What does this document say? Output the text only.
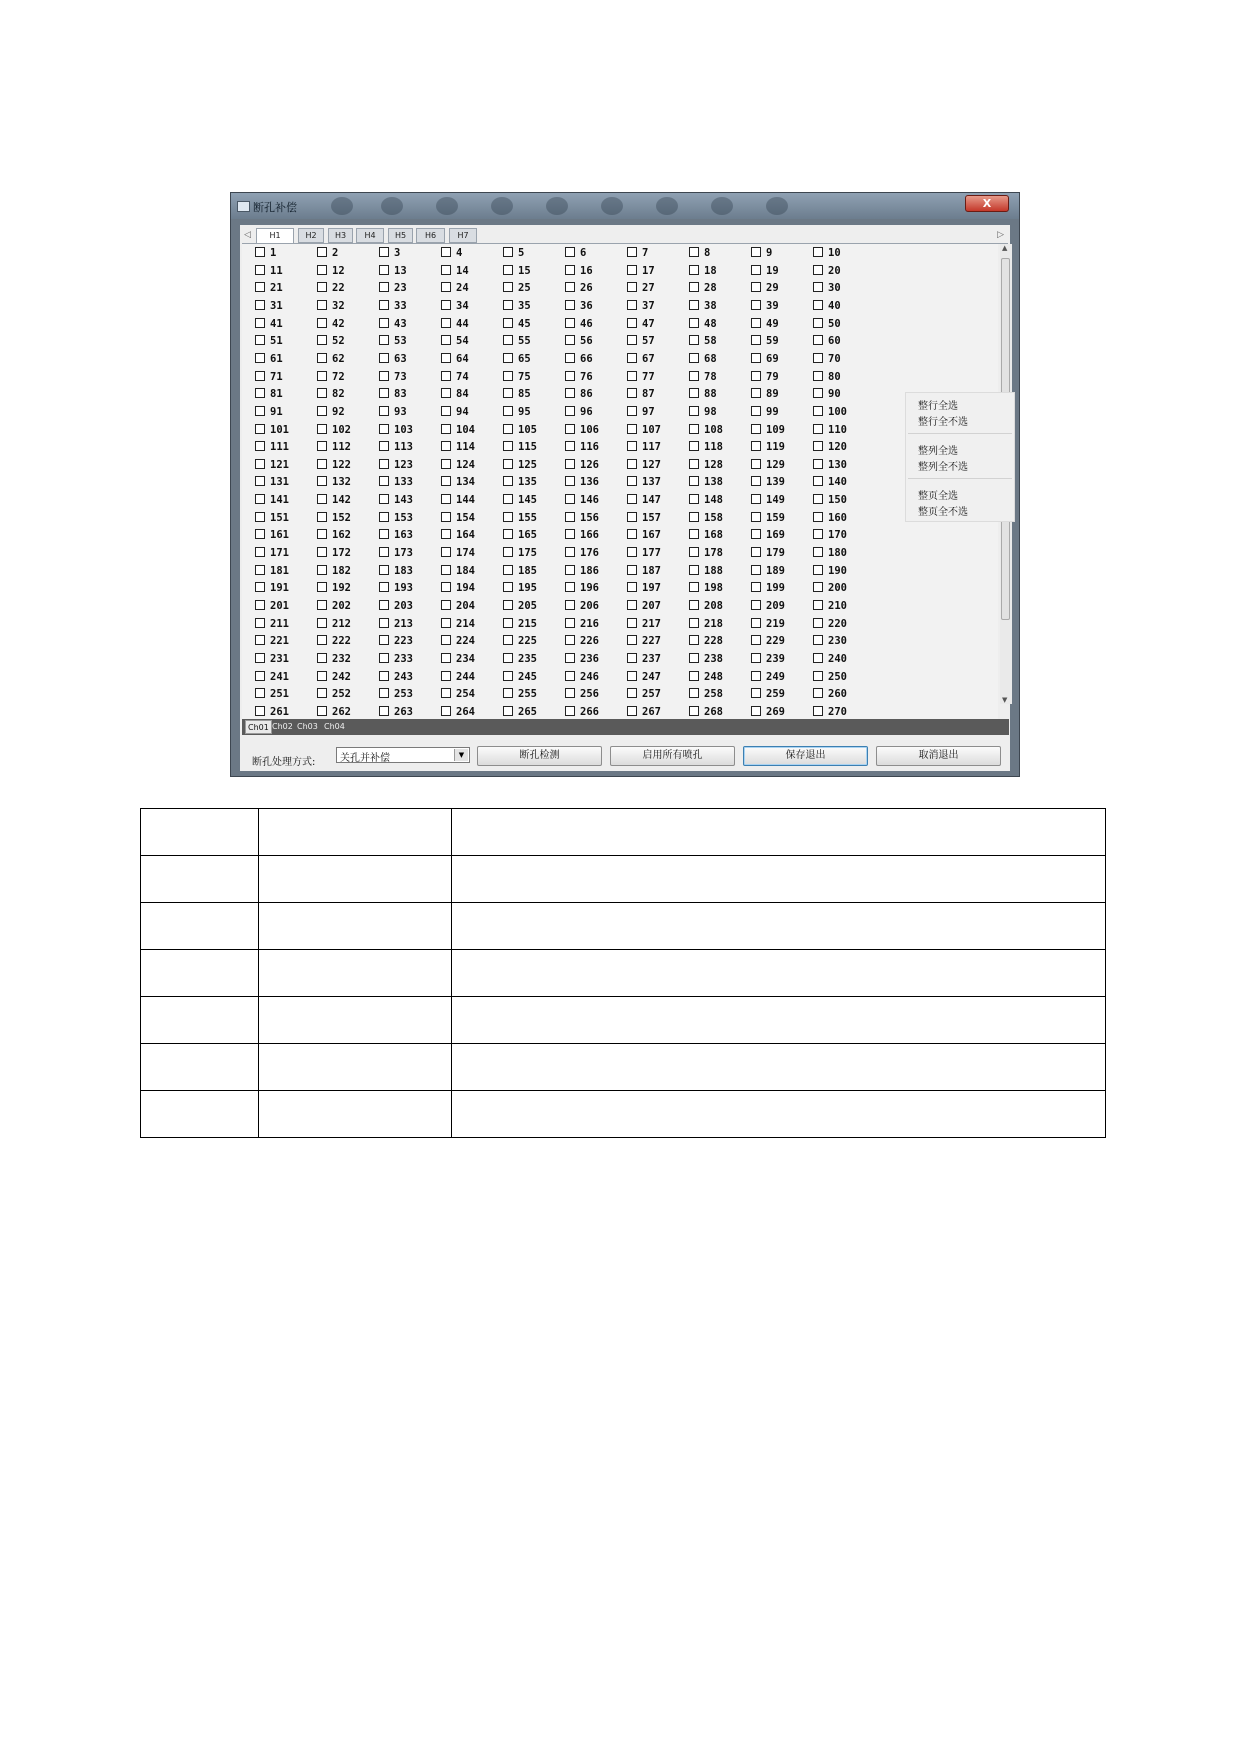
断孔补偿	X
◁	▷
H1	H2	H3	H4	H5	H6	H7
1	2	3	4	5	6	7	8	9	10
11	12	13	14	15	16	17	18	19	20
21	22	23	24	25	26	27	28	29	30
31	32	33	34	35	36	37	38	39	40
41	42	43	44	45	46	47	48	49	50
51	52	53	54	55	56	57	58	59	60
61	62	63	64	65	66	67	68	69	70
71	72	73	74	75	76	77	78	79	80
81	82	83	84	85	86	87	88	89	90
91	92	93	94	95	96	97	98	99	100
101	102	103	104	105	106	107	108	109	110
111	112	113	114	115	116	117	118	119	120
121	122	123	124	125	126	127	128	129	130
131	132	133	134	135	136	137	138	139	140
141	142	143	144	145	146	147	148	149	150
151	152	153	154	155	156	157	158	159	160
161	162	163	164	165	166	167	168	169	170
171	172	173	174	175	176	177	178	179	180
181	182	183	184	185	186	187	188	189	190
191	192	193	194	195	196	197	198	199	200
201	202	203	204	205	206	207	208	209	210
211	212	213	214	215	216	217	218	219	220
221	222	223	224	225	226	227	228	229	230
231	232	233	234	235	236	237	238	239	240
241	242	243	244	245	246	247	248	249	250
251	252	253	254	255	256	257	258	259	260
261	262	263	264	265	266	267	268	269	270
▲
▼
Ch01 Ch02 Ch03 Ch04
断孔处理方式: 关孔并补偿	▼	断孔检测	启用所有喷孔	保存退出	取消退出
整行全选
整行全不选
整列全选
整列全不选
整页全选
整页全不选
